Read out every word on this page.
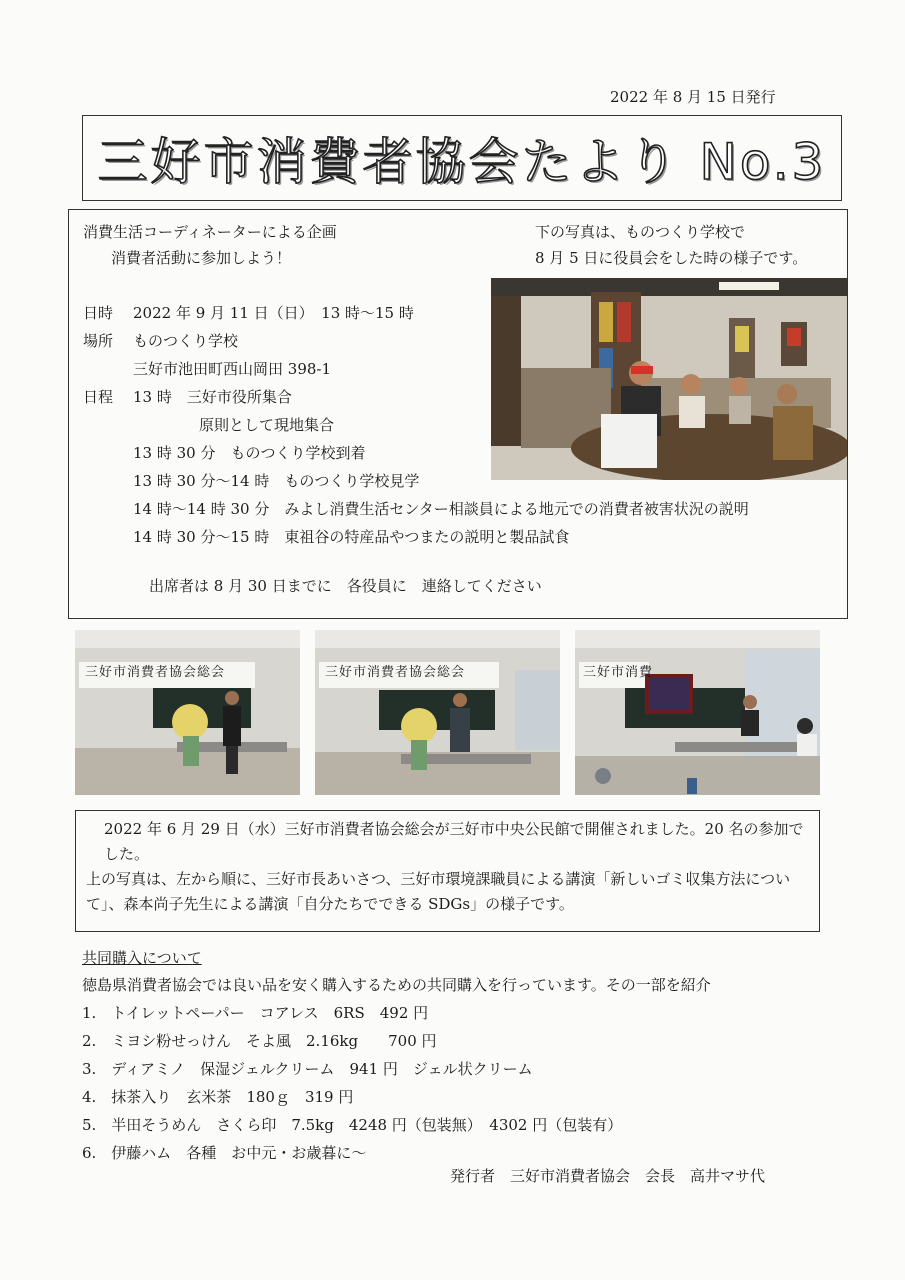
2022 年 8 月 15 日発行
三好市消費者協会たより No.3
消費生活コーディネーターによる企画
消費者活動に参加しよう！
下の写真は、ものつくり学校で
8 月 5 日に役員会をした時の様子です。
日時 2022 年 9 月 11 日（日）　13 時～15 時
場所 ものつくり学校
三好市池田町西山岡田 398-1
日程 13 時　三好市役所集合
原則として現地集合
13 時 30 分　ものつくり学校到着
13 時 30 分～14 時　ものつくり学校見学
14 時～14 時 30 分　みよし消費生活センター相談員による地元での消費者被害状況の説明
14 時 30 分～15 時　東祖谷の特産品やつまたの説明と製品試食
出席者は 8 月 30 日までに　各役員に　連絡してください
三好市消費者協会総会	三好市消費者協会総会	三好市消費

2022 年 6 月 29 日（水）三好市消費者協会総会が三好市中央公民館で開催されました。20 名の参加でした。

上の写真は、左から順に、三好市長あいさつ、三好市環境課職員による講演「新しいゴミ収集方法について」、森本尚子先生による講演「自分たちでできる SDGs」の様子です。

共同購入について
徳島県消費者協会では良い品を安く購入するための共同購入を行っています。その一部を紹介
1.　トイレットペーパー　コアレス　6RS　492 円
2.　ミヨシ粉せっけん　そよ風　2.16kg　　700 円
3.　ディアミノ　保湿ジェルクリーム　941 円　ジェル状クリーム
4.　抹茶入り　玄米茶　180ｇ　319 円
5.　半田そうめん　さくら印　7.5kg　4248 円（包装無）　4302 円（包装有）
6.　伊藤ハム　各種　お中元・お歳暮に～
発行者　三好市消費者協会　会長　高井マサ代
